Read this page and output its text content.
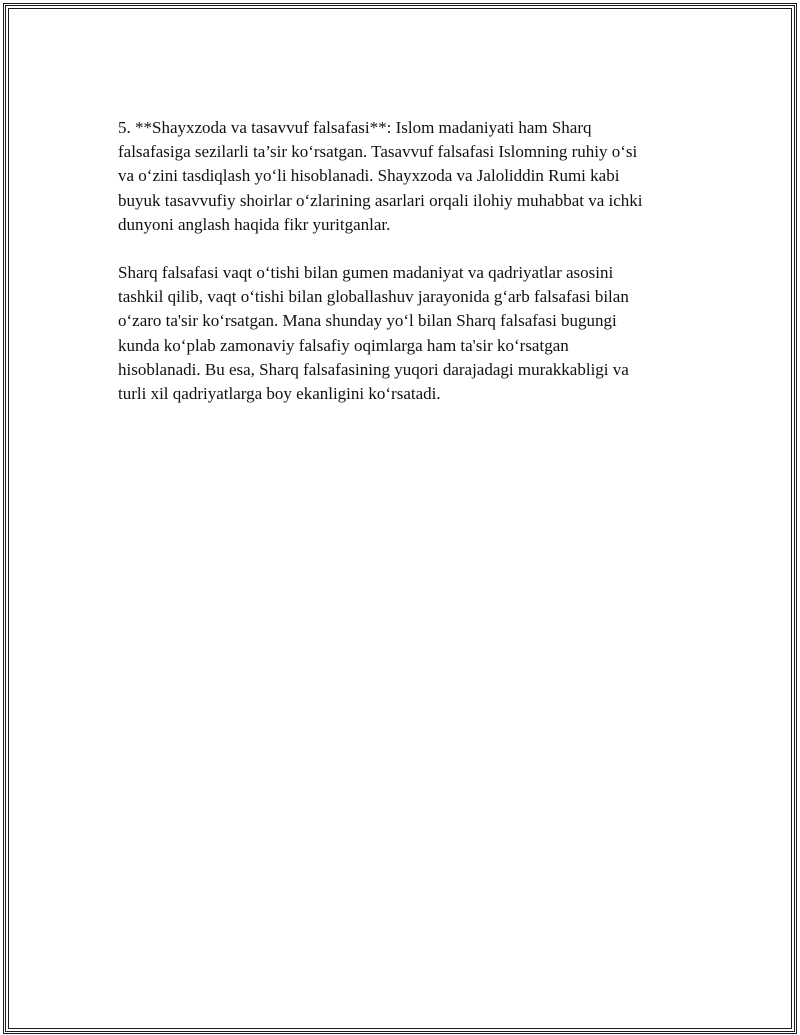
5. **Shayxzoda va tasavvuf falsafasi**: Islom madaniyati ham Sharq
falsafasiga sezilarli ta’sir ko‘rsatgan. Tasavvuf falsafasi Islomning ruhiy o‘si
va o‘zini tasdiqlash yo‘li hisoblanadi. Shayxzoda va Jaloliddin Rumi kabi
buyuk tasavvufiy shoirlar o‘zlarining asarlari orqali ilohiy muhabbat va ichki
dunyoni anglash haqida fikr yuritganlar.

Sharq falsafasi vaqt o‘tishi bilan gumen madaniyat va qadriyatlar asosini
tashkil qilib, vaqt o‘tishi bilan globallashuv jarayonida g‘arb falsafasi bilan
o‘zaro ta'sir ko‘rsatgan. Mana shunday yo‘l bilan Sharq falsafasi bugungi
kunda ko‘plab zamonaviy falsafiy oqimlarga ham ta'sir ko‘rsatgan
hisoblanadi. Bu esa, Sharq falsafasining yuqori darajadagi murakkabligi va
turli xil qadriyatlarga boy ekanligini ko‘rsatadi.
